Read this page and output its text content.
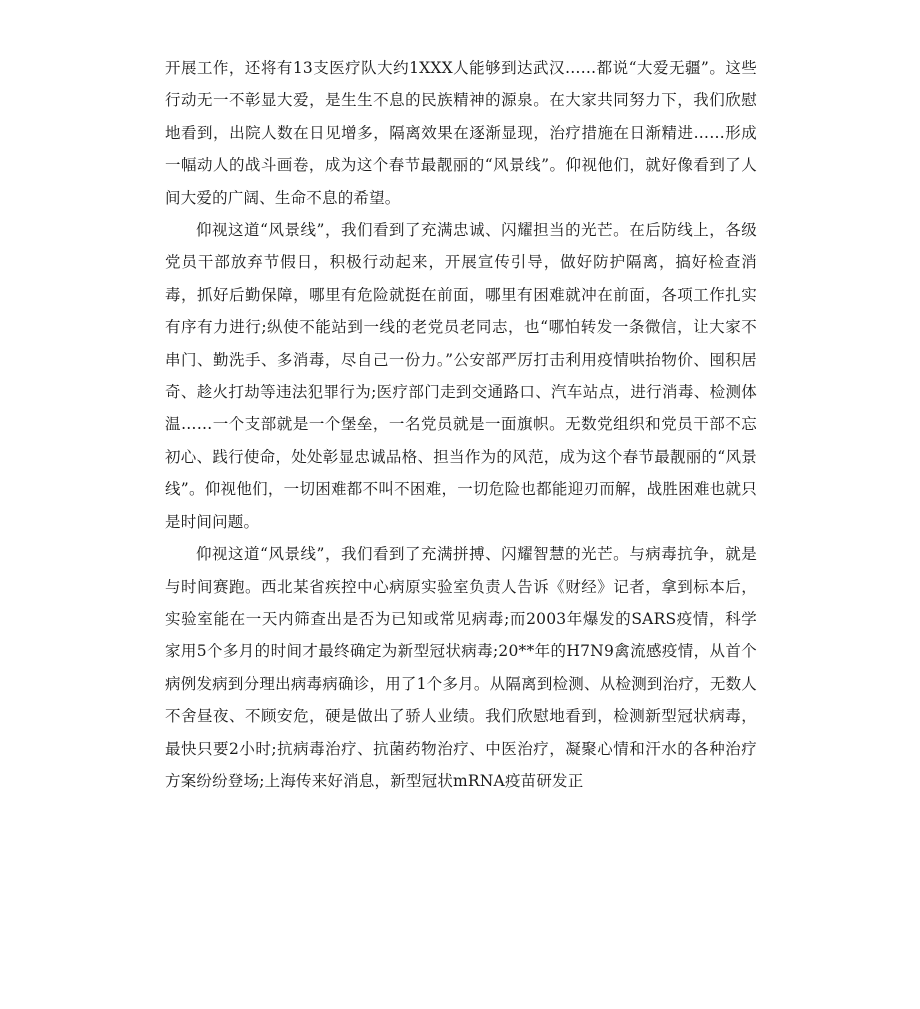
开展工作，还将有13支医疗队大约1XXX人能够到达武汉……都说“大爱无疆”。这些行动无一不彰显大爱，是生生不息的民族精神的源泉。在大家共同努力下，我们欣慰地看到，出院人数在日见增多，隔离效果在逐渐显现，治疗措施在日渐精进……形成一幅动人的战斗画卷，成为这个春节最靓丽的“风景线”。仰视他们，就好像看到了人间大爱的广阔、生命不息的希望。

仰视这道“风景线”，我们看到了充满忠诚、闪耀担当的光芒。在后防线上，各级党员干部放弃节假日，积极行动起来，开展宣传引导，做好防护隔离，搞好检查消毒，抓好后勤保障，哪里有危险就挺在前面，哪里有困难就冲在前面，各项工作扎实有序有力进行;纵使不能站到一线的老党员老同志，也“哪怕转发一条微信，让大家不串门、勤洗手、多消毒，尽自己一份力。”公安部严厉打击利用疫情哄抬物价、囤积居奇、趁火打劫等违法犯罪行为;医疗部门走到交通路口、汽车站点，进行消毒、检测体温……一个支部就是一个堡垒，一名党员就是一面旗帜。无数党组织和党员干部不忘初心、践行使命，处处彰显忠诚品格、担当作为的风范，成为这个春节最靓丽的“风景线”。仰视他们，一切困难都不叫不困难，一切危险也都能迎刃而解，战胜困难也就只是时间问题。

仰视这道“风景线”，我们看到了充满拼搏、闪耀智慧的光芒。与病毒抗争，就是与时间赛跑。西北某省疾控中心病原实验室负责人告诉《财经》记者，拿到标本后，实验室能在一天内筛查出是否为已知或常见病毒;而2003年爆发的SARS疫情，科学家用5个多月的时间才最终确定为新型冠状病毒;20**年的H7N9禽流感疫情，从首个病例发病到分理出病毒病确诊，用了1个多月。从隔离到检测、从检测到治疗，无数人不舍昼夜、不顾安危，硬是做出了骄人业绩。我们欣慰地看到，检测新型冠状病毒，最快只要2小时;抗病毒治疗、抗菌药物治疗、中医治疗，凝聚心情和汗水的各种治疗方案纷纷登场;上海传来好消息，新型冠状mRNA疫苗研发正
